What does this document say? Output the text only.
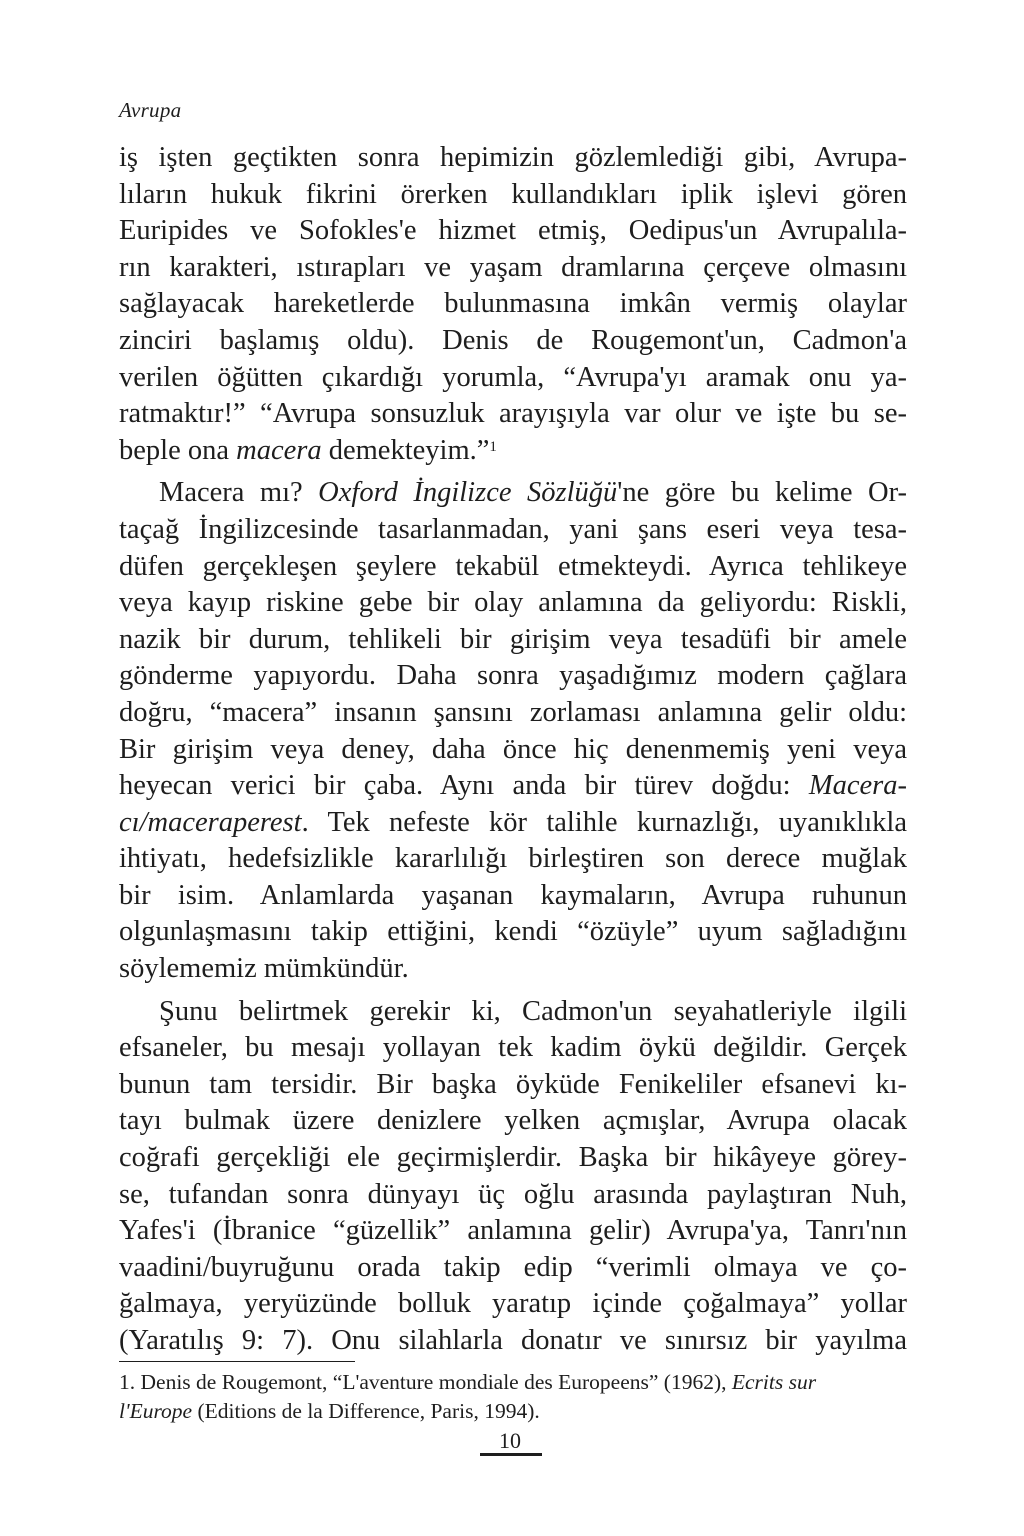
Avrupa
iş işten geçtikten sonra hepimizin gözlemlediği gibi, Avrupa-
lıların hukuk fikrini örerken kullandıkları iplik işlevi gören
Euripides ve Sofokles'e hizmet etmiş, Oedipus'un Avrupalıla-
rın karakteri, ıstırapları ve yaşam dramlarına çerçeve olmasını
sağlayacak hareketlerde bulunmasına imkân vermiş olaylar
zinciri başlamış oldu). Denis de Rougemont'un, Cadmon'a
verilen öğütten çıkardığı yorumla, “Avrupa'yı aramak onu ya-
ratmaktır!” “Avrupa sonsuzluk arayışıyla var olur ve işte bu se-
beple ona macera demekteyim.”$^1$
Macera mı? Oxford İngilizce Sözlüğü'ne göre bu kelime Or-
taçağ İngilizcesinde tasarlanmadan, yani şans eseri veya tesa-
düfen gerçekleşen şeylere tekabül etmekteydi. Ayrıca tehlikeye
veya kayıp riskine gebe bir olay anlamına da geliyordu: Riskli,
nazik bir durum, tehlikeli bir girişim veya tesadüfi bir amele
gönderme yapıyordu. Daha sonra yaşadığımız modern çağlara
doğru, “macera” insanın şansını zorlaması anlamına gelir oldu:
Bir girişim veya deney, daha önce hiç denenmemiş yeni veya
heyecan verici bir çaba. Aynı anda bir türev doğdu: Macera-
cı/maceraperest. Tek nefeste kör talihle kurnazlığı, uyanıklıkla
ihtiyatı, hedefsizlikle kararlılığı birleştiren son derece muğlak
bir isim. Anlamlarda yaşanan kaymaların, Avrupa ruhunun
olgunlaşmasını takip ettiğini, kendi “özüyle” uyum sağladığını
söylememiz mümkündür.
Şunu belirtmek gerekir ki, Cadmon'un seyahatleriyle ilgili
efsaneler, bu mesajı yollayan tek kadim öykü değildir. Gerçek
bunun tam tersidir. Bir başka öyküde Fenikeliler efsanevi kı-
tayı bulmak üzere denizlere yelken açmışlar, Avrupa olacak
coğrafi gerçekliği ele geçirmişlerdir. Başka bir hikâyeye görey-
se, tufandan sonra dünyayı üç oğlu arasında paylaştıran Nuh,
Yafes'i (İbranice “güzellik” anlamına gelir) Avrupa'ya, Tanrı'nın
vaadini/buyruğunu orada takip edip “verimli olmaya ve ço-
ğalmaya, yeryüzünde bolluk yaratıp içinde çoğalmaya” yollar
(Yaratılış 9: 7). Onu silahlarla donatır ve sınırsız bir yayılma
1. Denis de Rougemont, “L'aventure mondiale des Europeens” (1962), Ecrits sur
l'Europe (Editions de la Difference, Paris, 1994).
10
